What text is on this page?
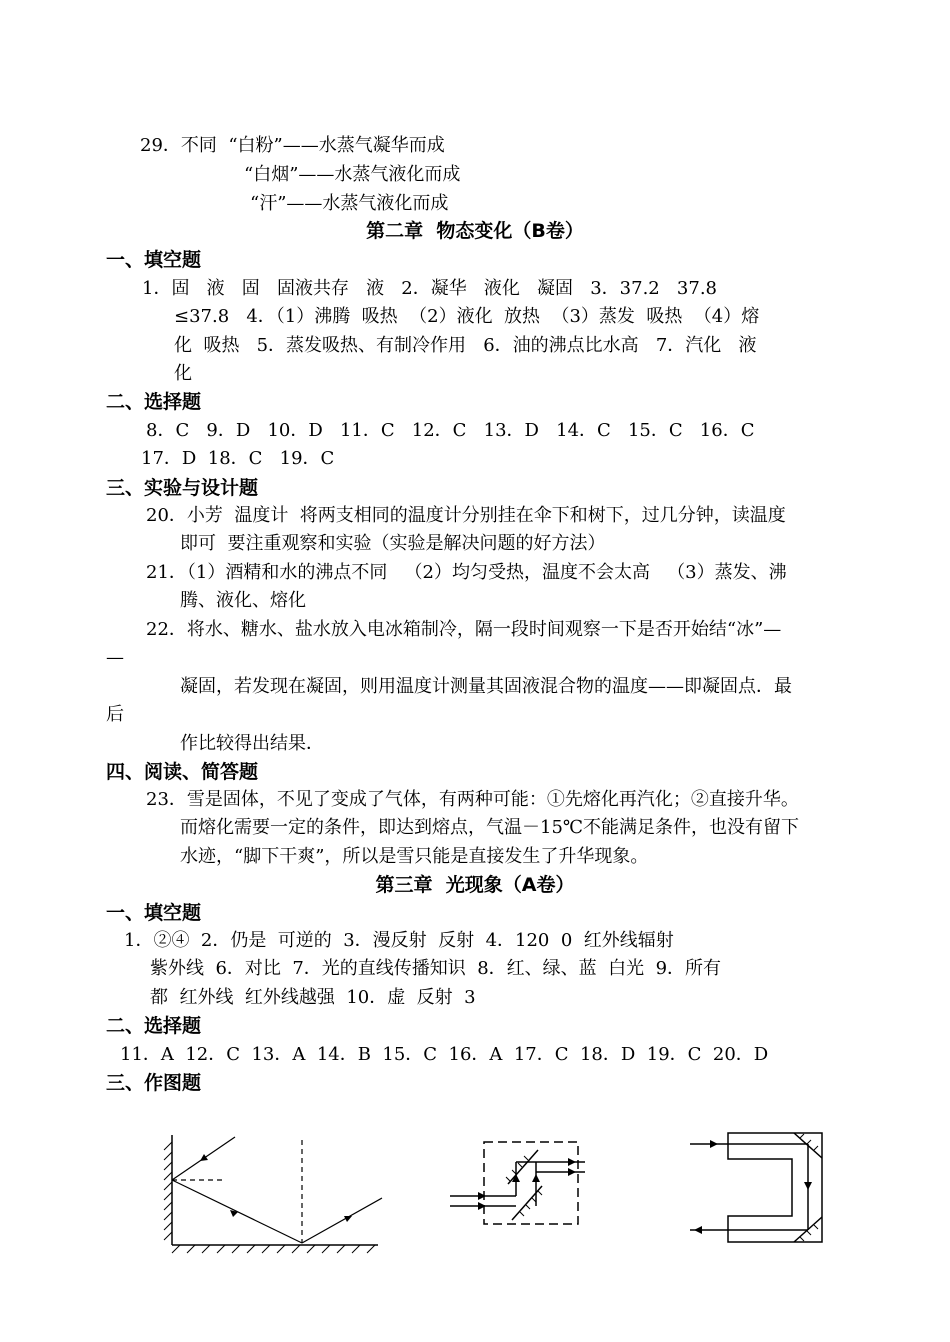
29．不同  “白粉”——水蒸气凝华而成
“白烟”——水蒸气液化而成
“汗”——水蒸气液化而成
第二章  物态变化（B卷）
一、填空题
1．固   液   固   固液共存   液   2．凝华   液化   凝固   3．37.2   37.8
≤37.8   4．（1）沸腾  吸热  （2）液化  放热  （3）蒸发  吸热  （4）熔
化  吸热   5．蒸发吸热、有制冷作用   6．油的沸点比水高   7．汽化   液
化
二、选择题
8．C   9．D   10．D   11．C   12．C   13．D   14．C   15．C   16．C
17．D  18．C   19．C
三、实验与设计题
20．小芳  温度计  将两支相同的温度计分别挂在伞下和树下，过几分钟，读温度
即可  要注重观察和实验（实验是解决问题的好方法）
21．（1）酒精和水的沸点不同   （2）均匀受热，温度不会太高   （3）蒸发、沸
腾、液化、熔化
22．将水、糖水、盐水放入电冰箱制冷，隔一段时间观察一下是否开始结“冰”—
—
凝固，若发现在凝固，则用温度计测量其固液混合物的温度——即凝固点．最
后
作比较得出结果．
四、阅读、简答题
23．雪是固体，不见了变成了气体，有两种可能：①先熔化再汽化；②直接升华。
而熔化需要一定的条件，即达到熔点，气温－15℃不能满足条件，也没有留下
水迹，“脚下干爽”，所以是雪只能是直接发生了升华现象。
第三章  光现象（A卷）
一、填空题
1．②④  2．仍是  可逆的  3．漫反射  反射  4．120  0  红外线辐射
紫外线  6．对比  7．光的直线传播知识  8．红、绿、蓝  白光  9．所有
都  红外线  红外线越强  10．虚  反射  3
二、选择题
11．A  12．C  13．A  14．B  15．C  16．A  17．C  18．D  19．C  20．D
三、作图题
